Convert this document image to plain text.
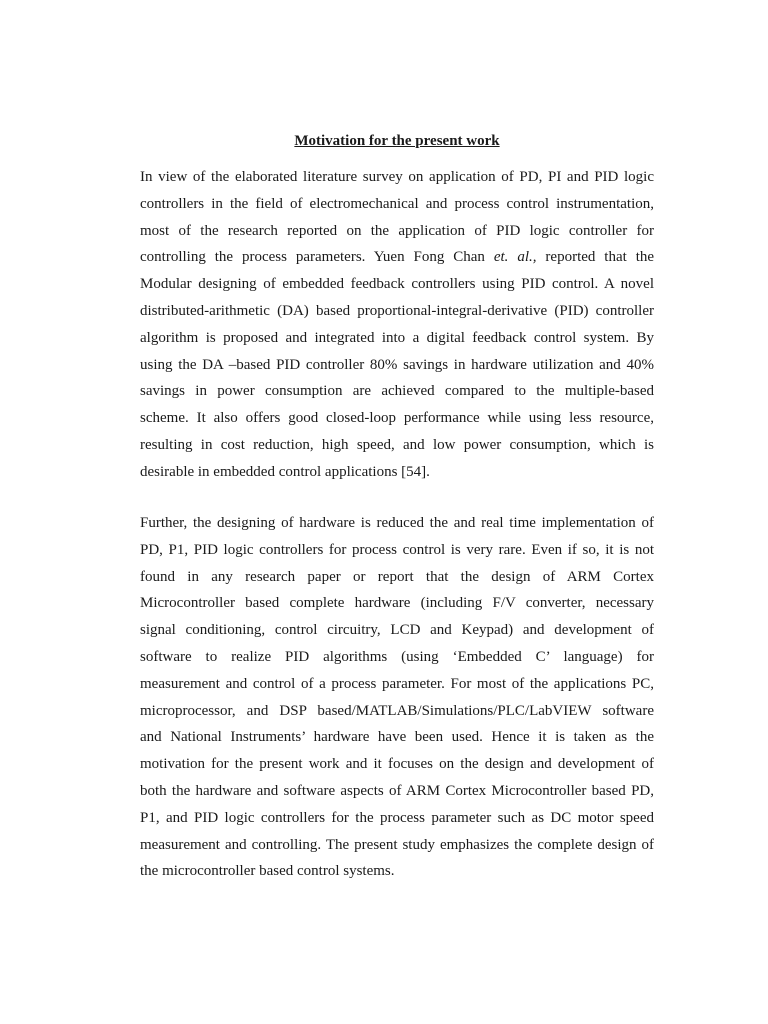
Motivation for the present work
In view of the elaborated literature survey on application of PD, PI and PID logic
controllers in the field of electromechanical and process control instrumentation,
most of the research reported on the application of PID logic controller for
controlling the process parameters. Yuen Fong Chan et. al., reported that the
Modular designing of embedded feedback controllers using PID control. A novel
distributed-arithmetic (DA) based proportional-integral-derivative (PID) controller
algorithm is proposed and integrated into a digital feedback control system. By
using the DA –based PID controller 80% savings in hardware utilization and 40%
savings in power consumption are achieved compared to the multiple-based
scheme. It also offers good closed-loop performance while using less resource,
resulting in cost reduction, high speed, and low power consumption, which is
desirable in embedded control applications [54].
Further, the designing of hardware is reduced the and real time implementation of
PD, P1, PID logic controllers for process control is very rare. Even if so, it is not
found in any research paper or report that the design of ARM Cortex
Microcontroller based complete hardware (including F/V converter, necessary
signal conditioning, control circuitry, LCD and Keypad) and development of
software to realize PID algorithms (using ‘Embedded C’ language) for
measurement and control of a process parameter. For most of the applications PC,
microprocessor, and DSP based/MATLAB/Simulations/PLC/LabVIEW software
and National Instruments’ hardware have been used. Hence it is taken as the
motivation for the present work and it focuses on the design and development of
both the hardware and software aspects of ARM Cortex Microcontroller based PD,
P1, and PID logic controllers for the process parameter such as DC motor speed
measurement and controlling. The present study emphasizes the complete design of
the microcontroller based control systems.
